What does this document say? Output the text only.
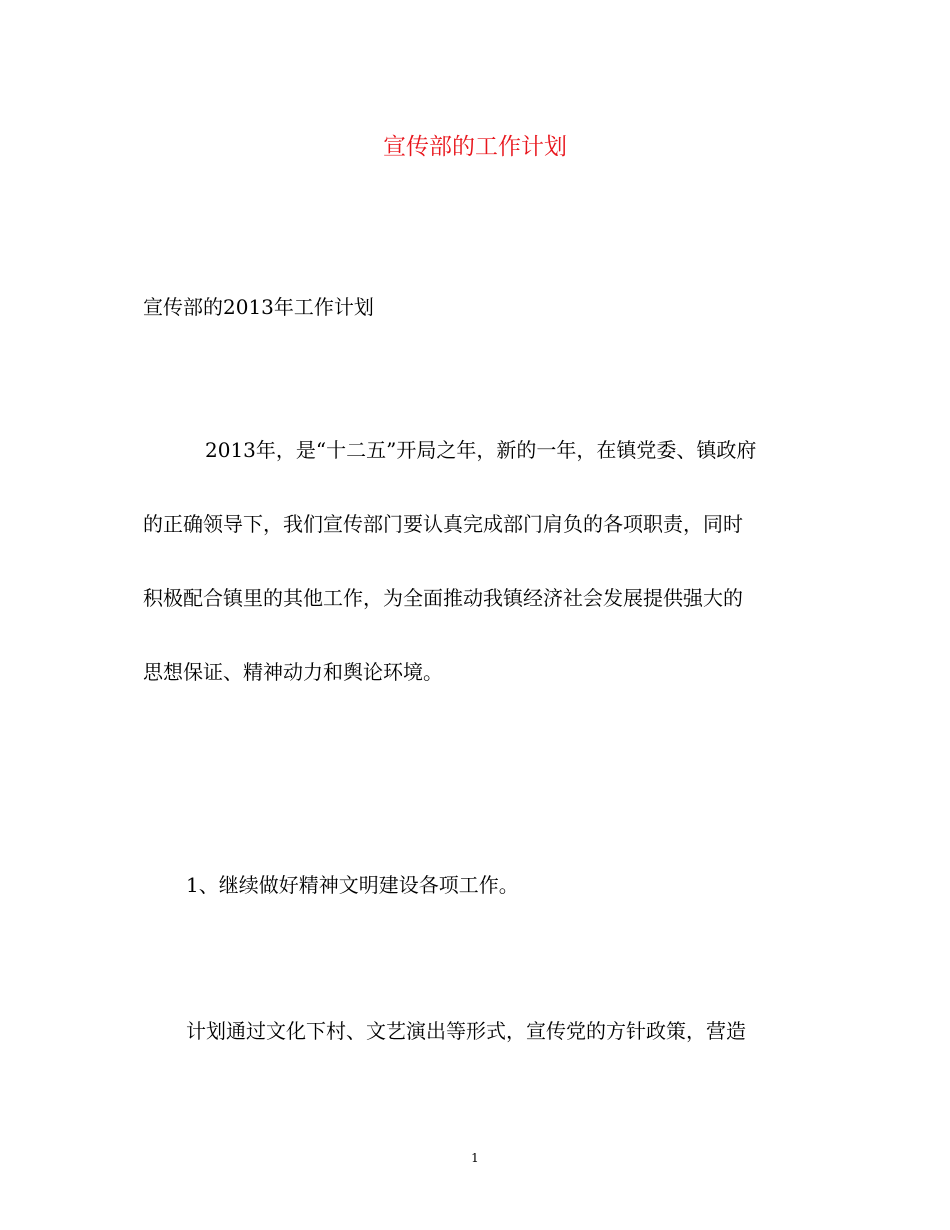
宣传部的工作计划

宣传部的2013年工作计划

2013年，是“十二五”开局之年，新的一年，在镇党委、镇政府
的正确领导下，我们宣传部门要认真完成部门肩负的各项职责，同时
积极配合镇里的其他工作，为全面推动我镇经济社会发展提供强大的
思想保证、精神动力和舆论环境。
1、继续做好精神文明建设各项工作。

计划通过文化下村、文艺演出等形式，宣传党的方针政策，营造

1
